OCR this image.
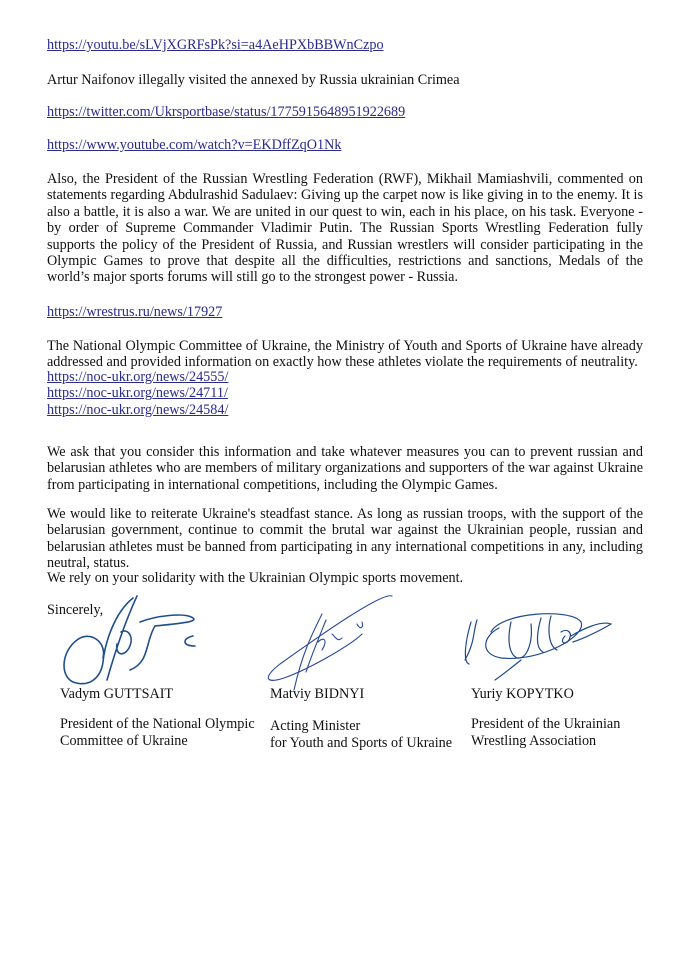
https://youtu.be/sLVjXGRFsPk?si=a4AeHPXbBBWnCzpo
Artur Naifonov illegally visited the annexed by Russia ukrainian Crimea
https://twitter.com/Ukrsportbase/status/1775915648951922689
https://www.youtube.com/watch?v=EKDffZqO1Nk
Also, the President of the Russian Wrestling Federation (RWF), Mikhail Mamiashvili, commented on statements regarding Abdulrashid Sadulaev: Giving up the carpet now is like giving in to the enemy. It is also a battle, it is also a war. We are united in our quest to win, each in his place, on his task. Everyone - by order of Supreme Commander Vladimir Putin. The Russian Sports Wrestling Federation fully supports the policy of the President of Russia, and Russian wrestlers will consider participating in the Olympic Games to prove that despite all the difficulties, restrictions and sanctions, Medals of the world’s major sports forums will still go to the strongest power - Russia.
https://wrestrus.ru/news/17927
The National Olympic Committee of Ukraine, the Ministry of Youth and Sports of Ukraine have already addressed and provided information on exactly how these athletes violate the requirements of neutrality.
https://noc-ukr.org/news/24555/
https://noc-ukr.org/news/24711/
https://noc-ukr.org/news/24584/
We ask that you consider this information and take whatever measures you can to prevent russian and belarusian athletes who are members of military organizations and supporters of the war against Ukraine from participating in international competitions, including the Olympic Games.
We would like to reiterate Ukraine's steadfast stance. As long as russian troops, with the support of the belarusian government, continue to commit the brutal war against the Ukrainian people, russian and belarusian athletes must be banned from participating in any international competitions in any, including neutral, status.
We rely on your solidarity with the Ukrainian Olympic sports movement.
Sincerely,
Vadym GUTTSAIT
President of the National Olympic
Committee of Ukraine
Matviy BIDNYI
Acting Minister
for Youth and Sports of Ukraine
Yuriy KOPYTKO
President of the Ukrainian
Wrestling Association
